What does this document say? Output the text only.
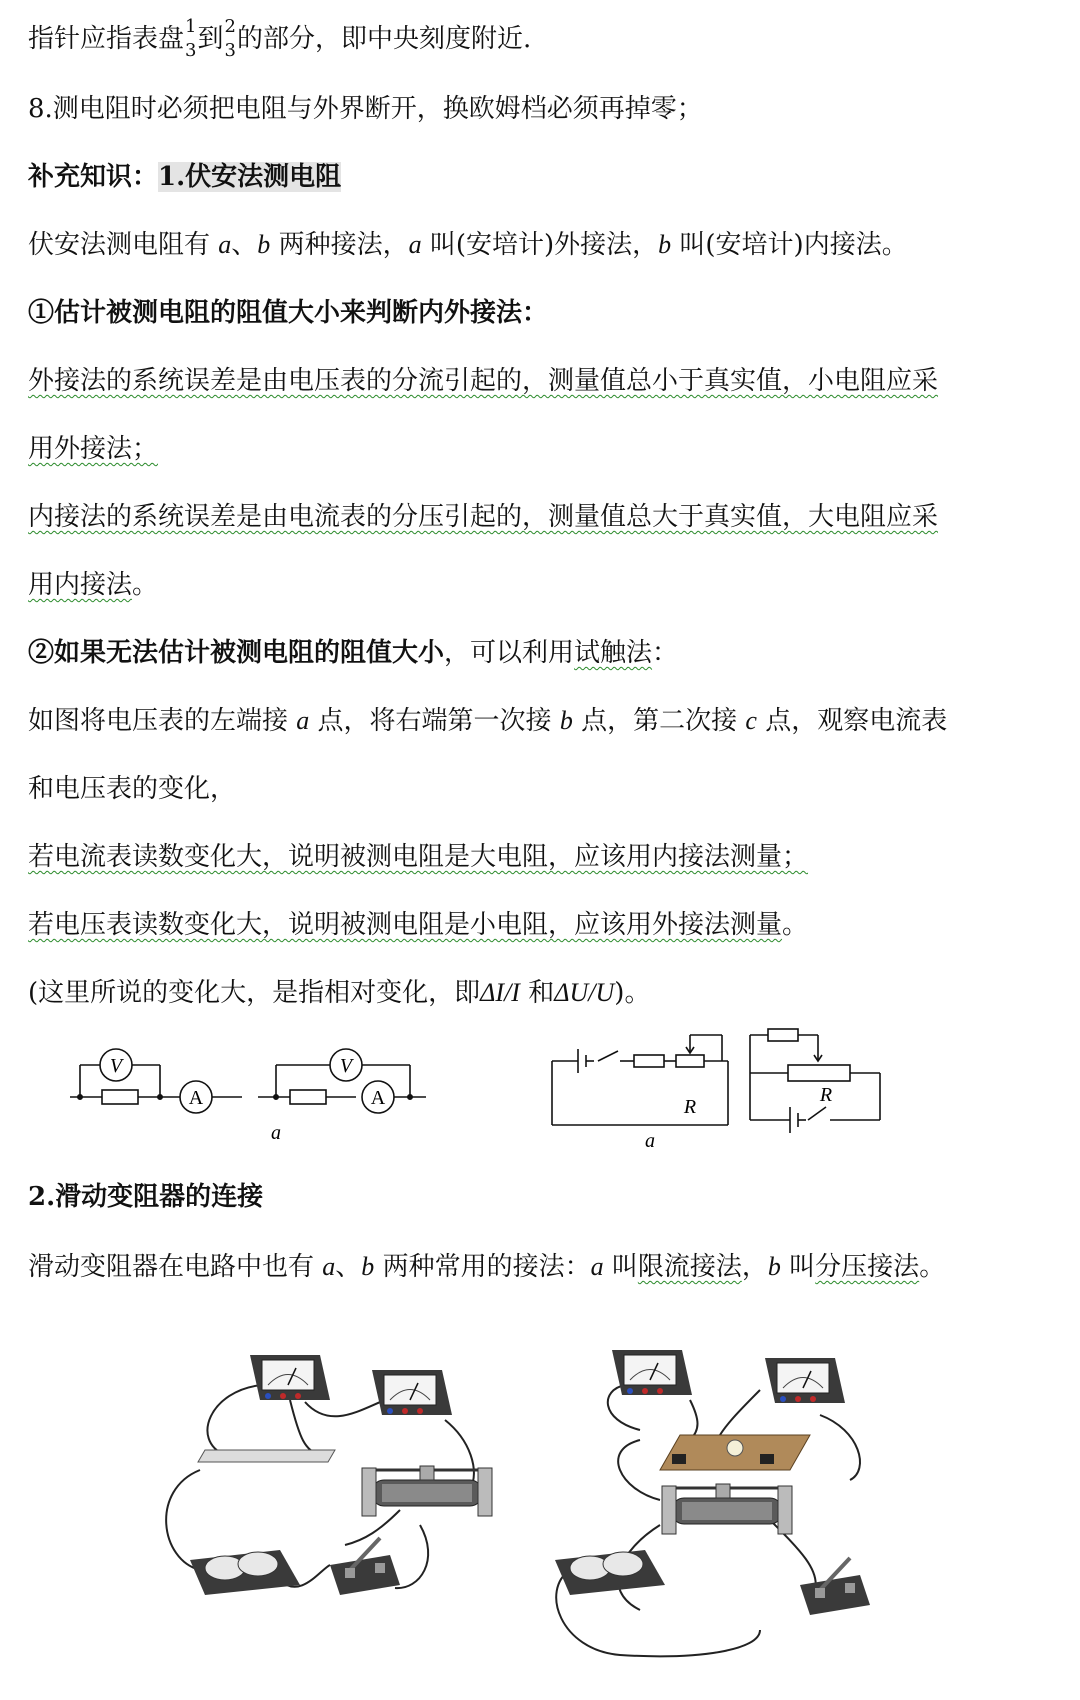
指针应指表盘 1
3 到 2
3 的部分，即中央刻度附近.
8.测电阻时必须把电阻与外界断开，换欧姆档必须再掉零；
补充知识：1.伏安法测电阻
伏安法测电阻有 a、b 两种接法，a 叫(安培计)外接法，b 叫(安培计)内接法。
①估计被测电阻的阻值大小来判断内外接法：
外接法的系统误差是由电压表的分流引起的，测量值总小于真实值，小电阻应采
用外接法；
内接法的系统误差是由电流表的分压引起的，测量值总大于真实值，大电阻应采
用内接法。
②如果无法估计被测电阻的阻值大小，可以利用试触法：
如图将电压表的左端接 a 点，将右端第一次接 b 点，第二次接 c 点，观察电流表
和电压表的变化，
若电流表读数变化大，说明被测电阻是大电阻，应该用内接法测量；
若电压表读数变化大，说明被测电阻是小电阻，应该用外接法测量。
(这里所说的变化大，是指相对变化，即ΔI/I 和ΔU/U)。
V
A
V
A
a
R
a
R
2.滑动变阻器的连接
滑动变阻器在电路中也有 a、b 两种常用的接法：a 叫限流接法，b 叫分压接法。
